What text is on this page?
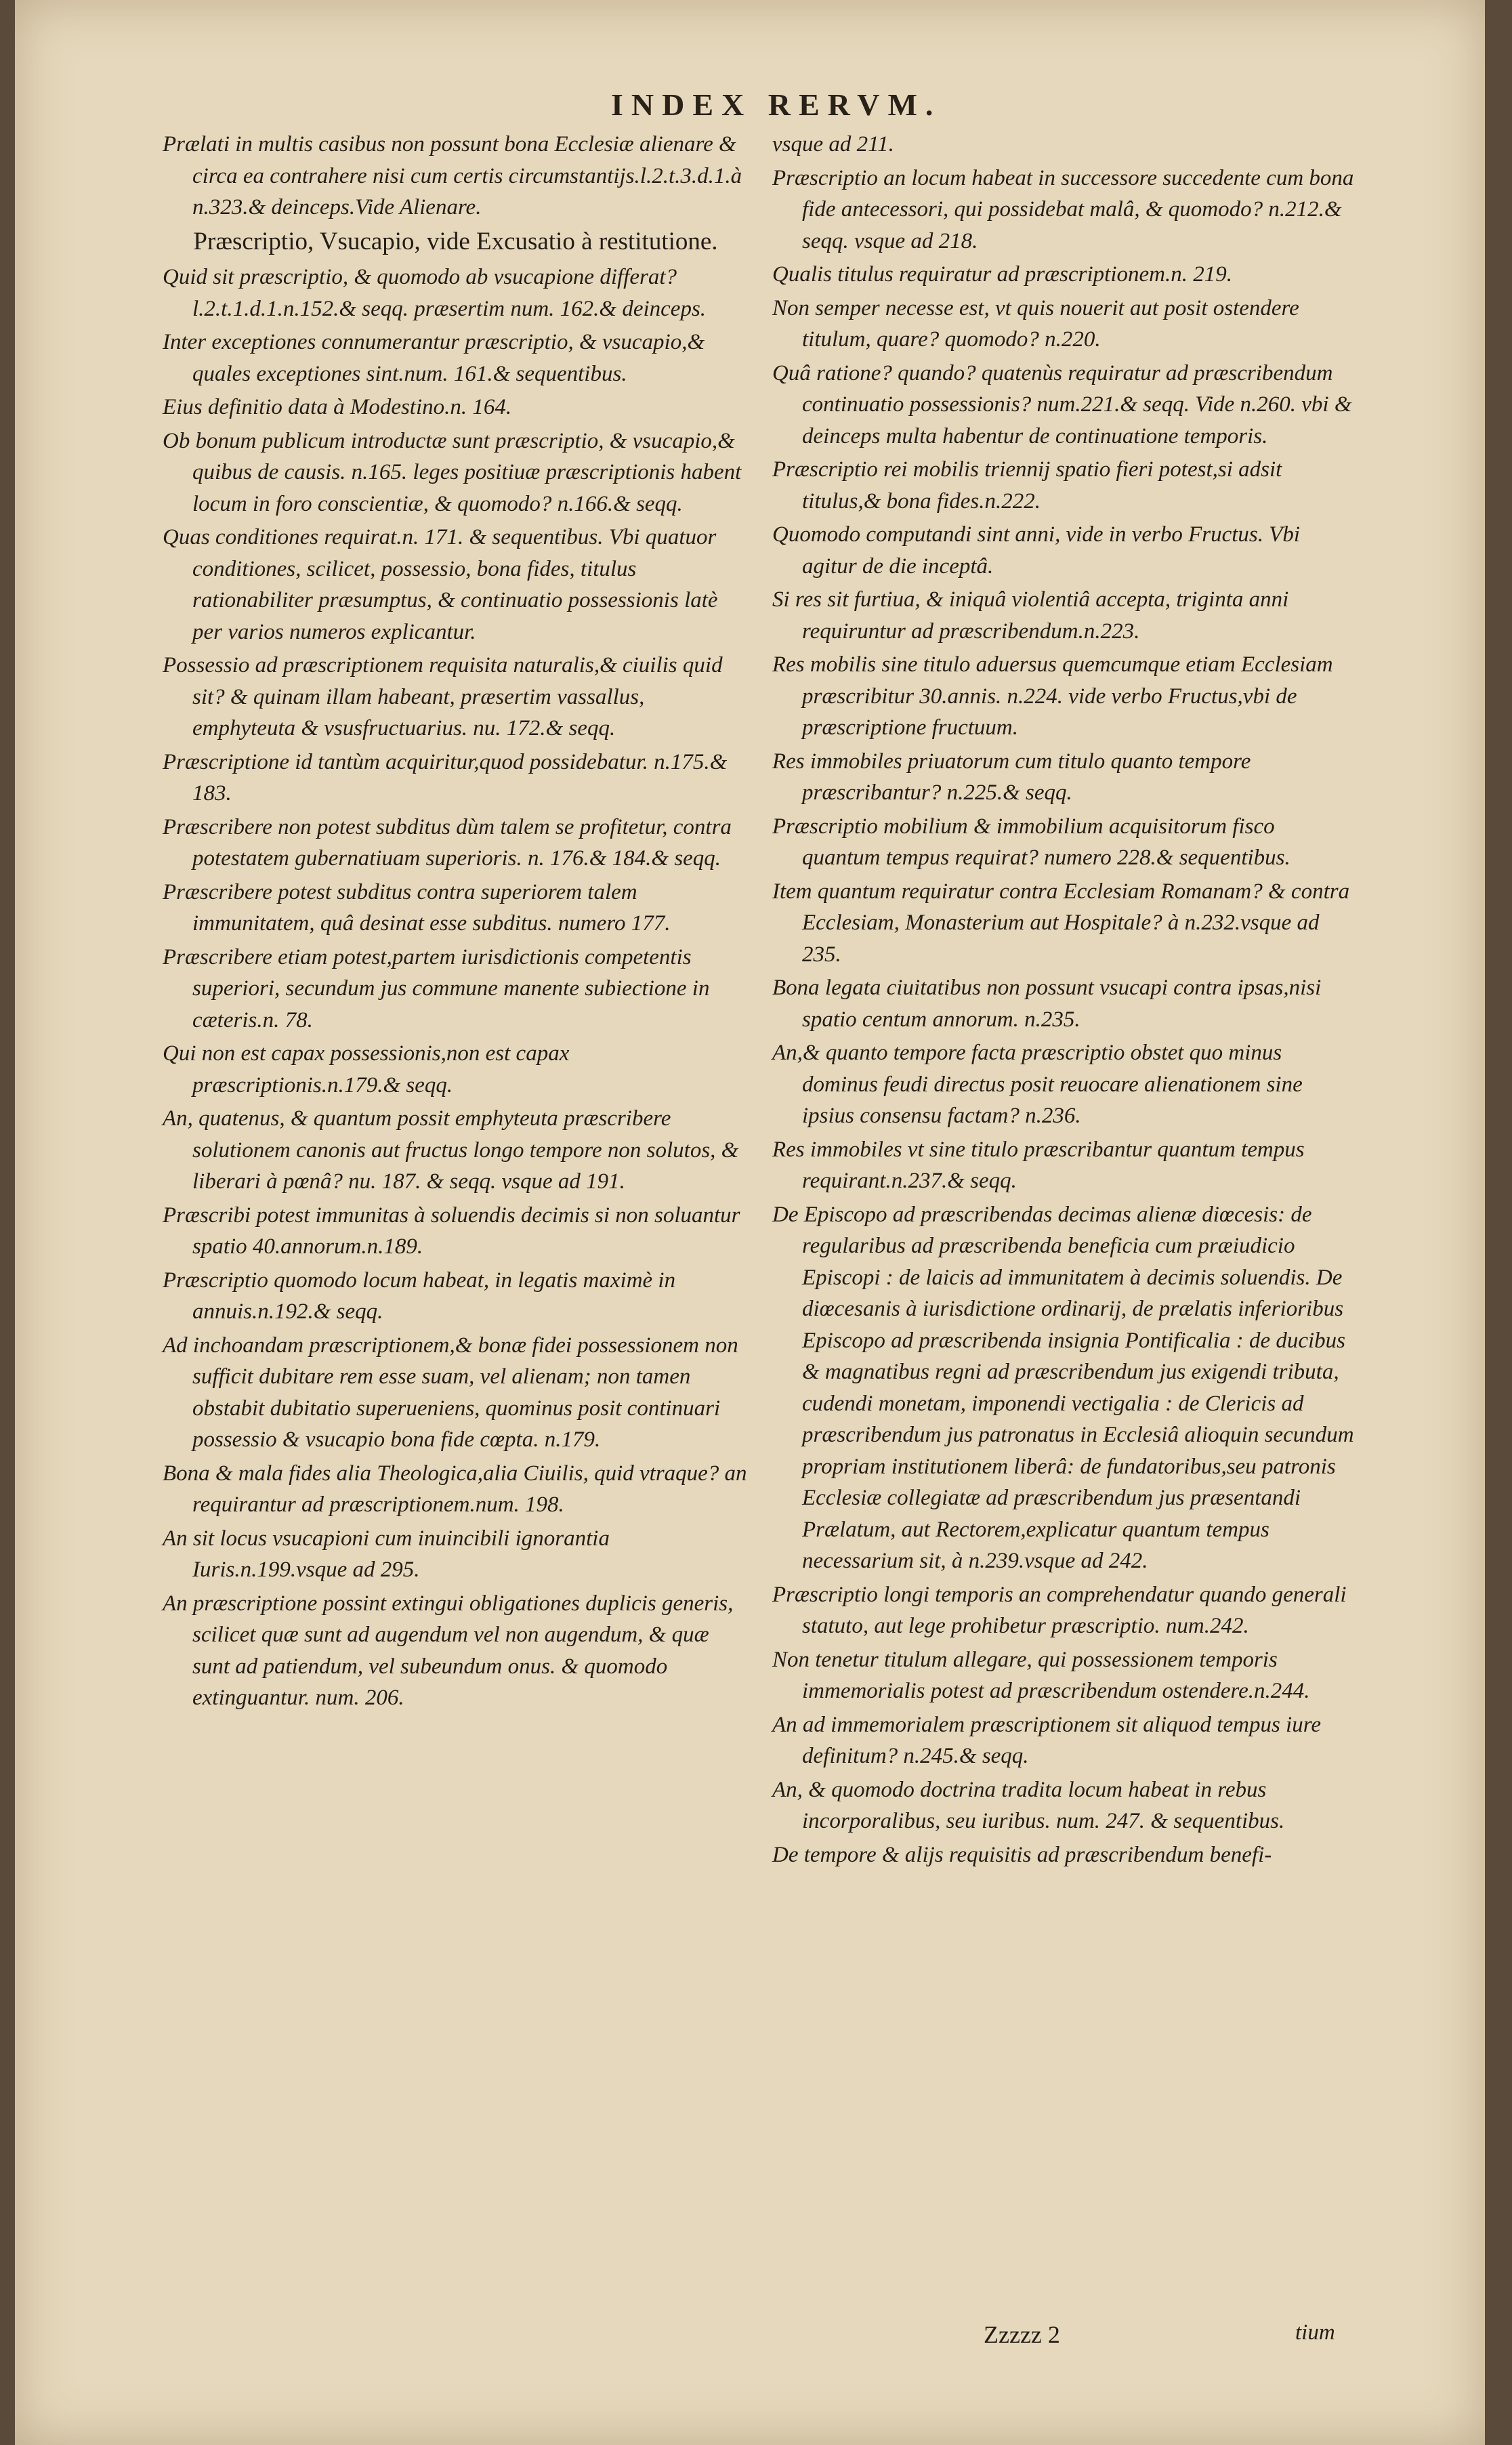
INDEX RERVM.

Prælati in multis casibus non possunt bona Ecclesiæ alienare & circa ea contrahere nisi cum certis circumstantijs.l.2.t.3.d.1.à n.323.& deinceps.Vide Alienare.

Præscriptio, Vsucapio, vide Excusatio à restitutione.

Quid sit præscriptio, & quomodo ab vsucapione differat? l.2.t.1.d.1.n.152.& seqq. præsertim num. 162.& deinceps.

Inter exceptiones connumerantur præscriptio, & vsucapio,& quales exceptiones sint.num. 161.& sequentibus.

Eius definitio data à Modestino.n. 164.

Ob bonum publicum introductæ sunt præscriptio, & vsucapio,& quibus de causis. n.165. leges positiuæ præscriptionis habent locum in foro conscientiæ, & quomodo? n.166.& seqq.

Quas conditiones requirat.n. 171. & sequentibus. Vbi quatuor conditiones, scilicet, possessio, bona fides, titulus rationabiliter præsumptus, & continuatio possessionis latè per varios numeros explicantur.

Possessio ad præscriptionem requisita naturalis,& ciuilis quid sit? & quinam illam habeant, præsertim vassallus, emphyteuta & vsusfructuarius. nu. 172.& seqq.

Præscriptione id tantùm acquiritur,quod possidebatur. n.175.& 183.

Præscribere non potest subditus dùm talem se profitetur, contra potestatem gubernatiuam superioris. n. 176.& 184.& seqq.

Præscribere potest subditus contra superiorem talem immunitatem, quâ desinat esse subditus. numero 177.

Præscribere etiam potest,partem iurisdictionis competentis superiori, secundum jus commune manente subiectione in cæteris.n. 78.

Qui non est capax possessionis,non est capax præscriptionis.n.179.& seqq.

An, quatenus, & quantum possit emphyteuta præscribere solutionem canonis aut fructus longo tempore non solutos, & liberari à pœnâ? nu. 187. & seqq. vsque ad 191.

Præscribi potest immunitas à soluendis decimis si non soluantur spatio 40.annorum.n.189.

Præscriptio quomodo locum habeat, in legatis maximè in annuis.n.192.& seqq.

Ad inchoandam præscriptionem,& bonæ fidei possessionem non sufficit dubitare rem esse suam, vel alienam; non tamen obstabit dubitatio superueniens, quominus posit continuari possessio & vsucapio bona fide cœpta. n.179.

Bona & mala fides alia Theologica,alia Ciuilis, quid vtraque? an requirantur ad præscriptionem.num. 198.

An sit locus vsucapioni cum inuincibili ignorantia Iuris.n.199.vsque ad 295.

An præscriptione possint extingui obligationes duplicis generis, scilicet quæ sunt ad augendum vel non augendum, & quæ sunt ad patiendum, vel subeundum onus. & quomodo extinguantur. num. 206.

vsque ad 211.

Præscriptio an locum habeat in successore succedente cum bona fide antecessori, qui possidebat malâ, & quomodo? n.212.& seqq. vsque ad 218.

Qualis titulus requiratur ad præscriptionem.n. 219.

Non semper necesse est, vt quis nouerit aut posit ostendere titulum, quare? quomodo? n.220.

Quâ ratione? quando? quatenùs requiratur ad præscribendum continuatio possessionis? num.221.& seqq. Vide n.260. vbi & deinceps multa habentur de continuatione temporis.

Præscriptio rei mobilis triennij spatio fieri potest,si adsit titulus,& bona fides.n.222.

Quomodo computandi sint anni, vide in verbo Fructus. Vbi agitur de die inceptâ.

Si res sit furtiua, & iniquâ violentiâ accepta, triginta anni requiruntur ad præscribendum.n.223.

Res mobilis sine titulo aduersus quemcumque etiam Ecclesiam præscribitur 30.annis. n.224. vide verbo Fructus,vbi de præscriptione fructuum.

Res immobiles priuatorum cum titulo quanto tempore præscribantur? n.225.& seqq.

Præscriptio mobilium & immobilium acquisitorum fisco quantum tempus requirat? numero 228.& sequentibus.

Item quantum requiratur contra Ecclesiam Romanam? & contra Ecclesiam, Monasterium aut Hospitale? à n.232.vsque ad 235.

Bona legata ciuitatibus non possunt vsucapi contra ipsas,nisi spatio centum annorum. n.235.

An,& quanto tempore facta præscriptio obstet quo minus dominus feudi directus posit reuocare alienationem sine ipsius consensu factam? n.236.

Res immobiles vt sine titulo præscribantur quantum tempus requirant.n.237.& seqq.

De Episcopo ad præscribendas decimas alienæ diœcesis: de regularibus ad præscribenda beneficia cum præiudicio Episcopi : de laicis ad immunitatem à decimis soluendis. De diœcesanis à iurisdictione ordinarij, de prælatis inferioribus Episcopo ad præscribenda insignia Pontificalia : de ducibus & magnatibus regni ad præscribendum jus exigendi tributa, cudendi monetam, imponendi vectigalia : de Clericis ad præscribendum jus patronatus in Ecclesiâ alioquin secundum propriam institutionem liberâ: de fundatoribus,seu patronis Ecclesiæ collegiatæ ad præscribendum jus præsentandi Prælatum, aut Rectorem,explicatur quantum tempus necessarium sit, à n.239.vsque ad 242.

Præscriptio longi temporis an comprehendatur quando generali statuto, aut lege prohibetur præscriptio. num.242.

Non tenetur titulum allegare, qui possessionem temporis immemorialis potest ad præscribendum ostendere.n.244.

An ad immemorialem præscriptionem sit aliquod tempus iure definitum? n.245.& seqq.

An, & quomodo doctrina tradita locum habeat in rebus incorporalibus, seu iuribus. num. 247. & sequentibus.

De tempore & alijs requisitis ad præscribendum benefi-

Zzzzz 2	tium
